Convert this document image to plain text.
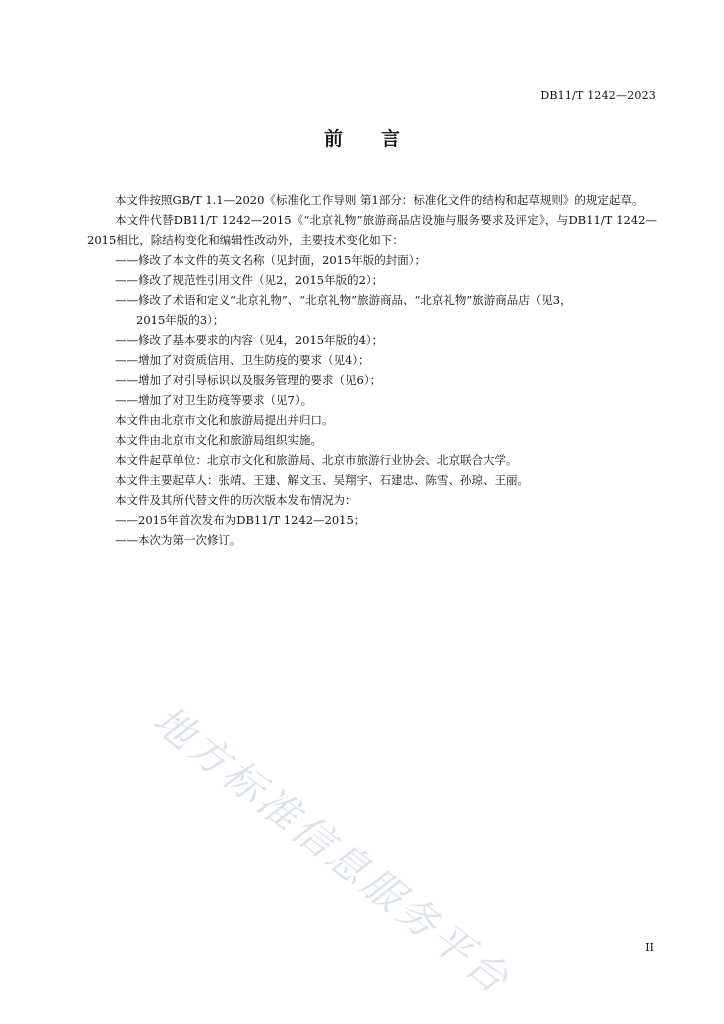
DB11/T 1242—2023
前言

本文件按照GB/T 1.1—2020《标准化工作导则 第1部分：标准化文件的结构和起草规则》的规定起草。

本文件代替DB11/T 1242—2015《“北京礼物”旅游商品店设施与服务要求及评定》，与DB11/T 1242—2015相比，除结构变化和编辑性改动外，主要技术变化如下：

——修改了本文件的英文名称（见封面，2015年版的封面）；

——修改了规范性引用文件（见2，2015年版的2）；

——修改了术语和定义“北京礼物”、“北京礼物”旅游商品、“北京礼物”旅游商品店（见3，

2015年版的3）；

——修改了基本要求的内容（见4，2015年版的4）；

——增加了对资质信用、卫生防疫的要求（见4）；

——增加了对引导标识以及服务管理的要求（见6）；

——增加了对卫生防疫等要求（见7）。

本文件由北京市文化和旅游局提出并归口。

本文件由北京市文化和旅游局组织实施。

本文件起草单位：北京市文化和旅游局、北京市旅游行业协会、北京联合大学。

本文件主要起草人：张靖、王建、解文玉、吴翔宇、石建忠、陈雪、孙琼、王丽。

本文件及其所代替文件的历次版本发布情况为：

——2015年首次发布为DB11/T 1242—2015；

——本次为第一次修订。

地方标准信息服务平台	II
